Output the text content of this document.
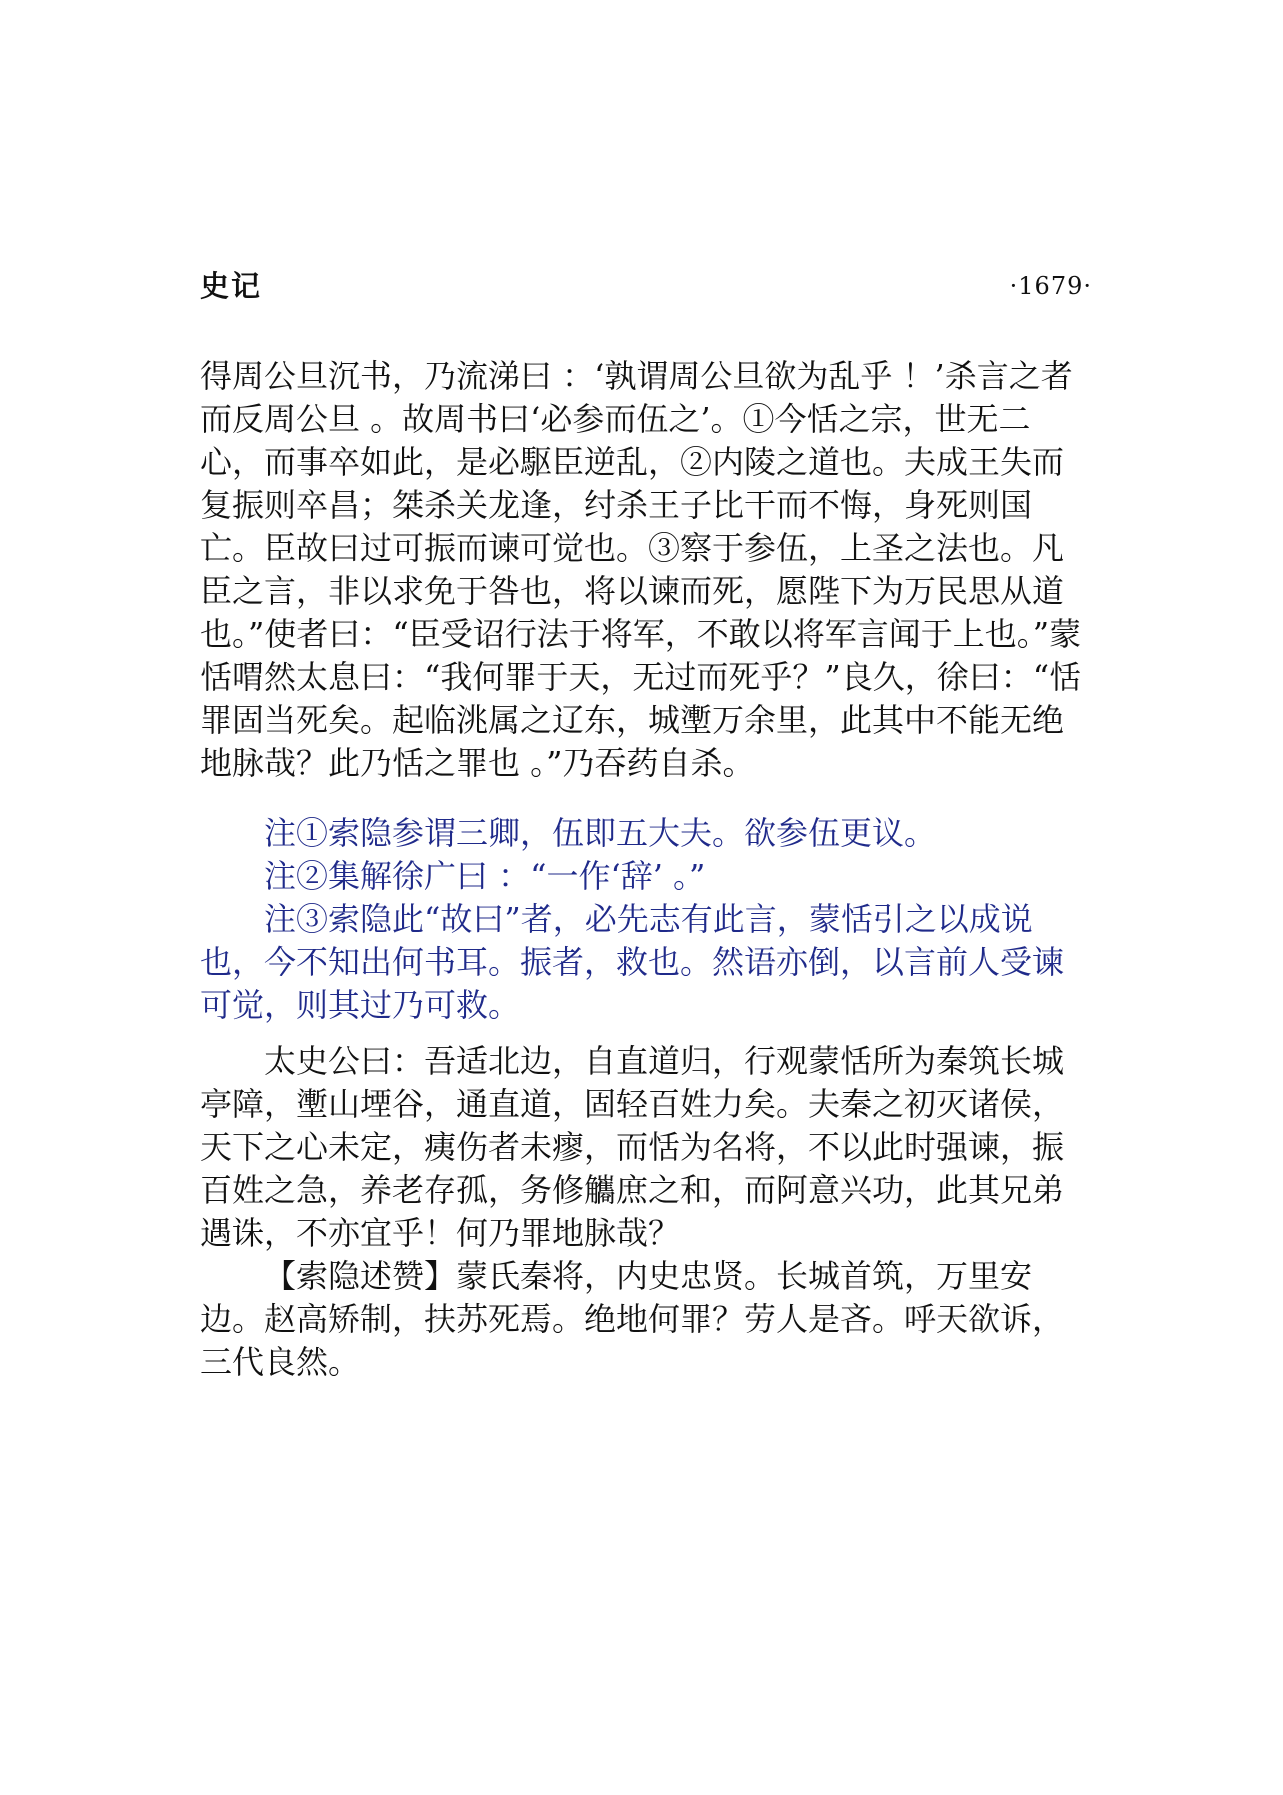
史记	·1679·

得周公旦沉书，乃流涕曰 ：‘孰谓周公旦欲为乱乎 ！’杀言之者而反周公旦 。故周书曰‘必参而伍之’。①今恬之宗，世无二心，而事卒如此，是必駆臣逆乱，②内陵之道也。夫成王失而复振则卒昌；桀杀关龙逢，纣杀王子比干而不悔，身死则国亡。臣故曰过可振而谏可觉也。③察于参伍，上圣之法也。凡臣之言，非以求免于咎也，将以谏而死，愿陛下为万民思从道也。”使者曰：“臣受诏行法于将军，不敢以将军言闻于上也。”蒙恬喟然太息曰：“我何罪于天，无过而死乎？”良久，徐曰：“恬罪固当死矣。起临洮属之辽东，城壍万余里，此其中不能无绝地脉哉？此乃恬之罪也 。”乃吞药自杀。

注①索隐参谓三卿，伍即五大夫。欲参伍更议。

注②集解徐广曰 ：“一作‘辞’ 。”

注③索隐此“故曰”者，必先志有此言，蒙恬引之以成说也，今不知出何书耳。振者，救也。然语亦倒，以言前人受谏可觉，则其过乃可救。

太史公曰：吾适北边，自直道归，行观蒙恬所为秦筑长城亭障，壍山堙谷，通直道，固轻百姓力矣。夫秦之初灭诸侯，天下之心未定，痍伤者未瘳，而恬为名将，不以此时强谏，振百姓之急，养老存孤，务修觿庶之和，而阿意兴功，此其兄弟遇诛，不亦宜乎！何乃罪地脉哉？

【索隐述赞】蒙氏秦将，内史忠贤。长城首筑，万里安边。赵高矫制，扶苏死焉。绝地何罪？劳人是吝。呼天欲诉，三代良然。
